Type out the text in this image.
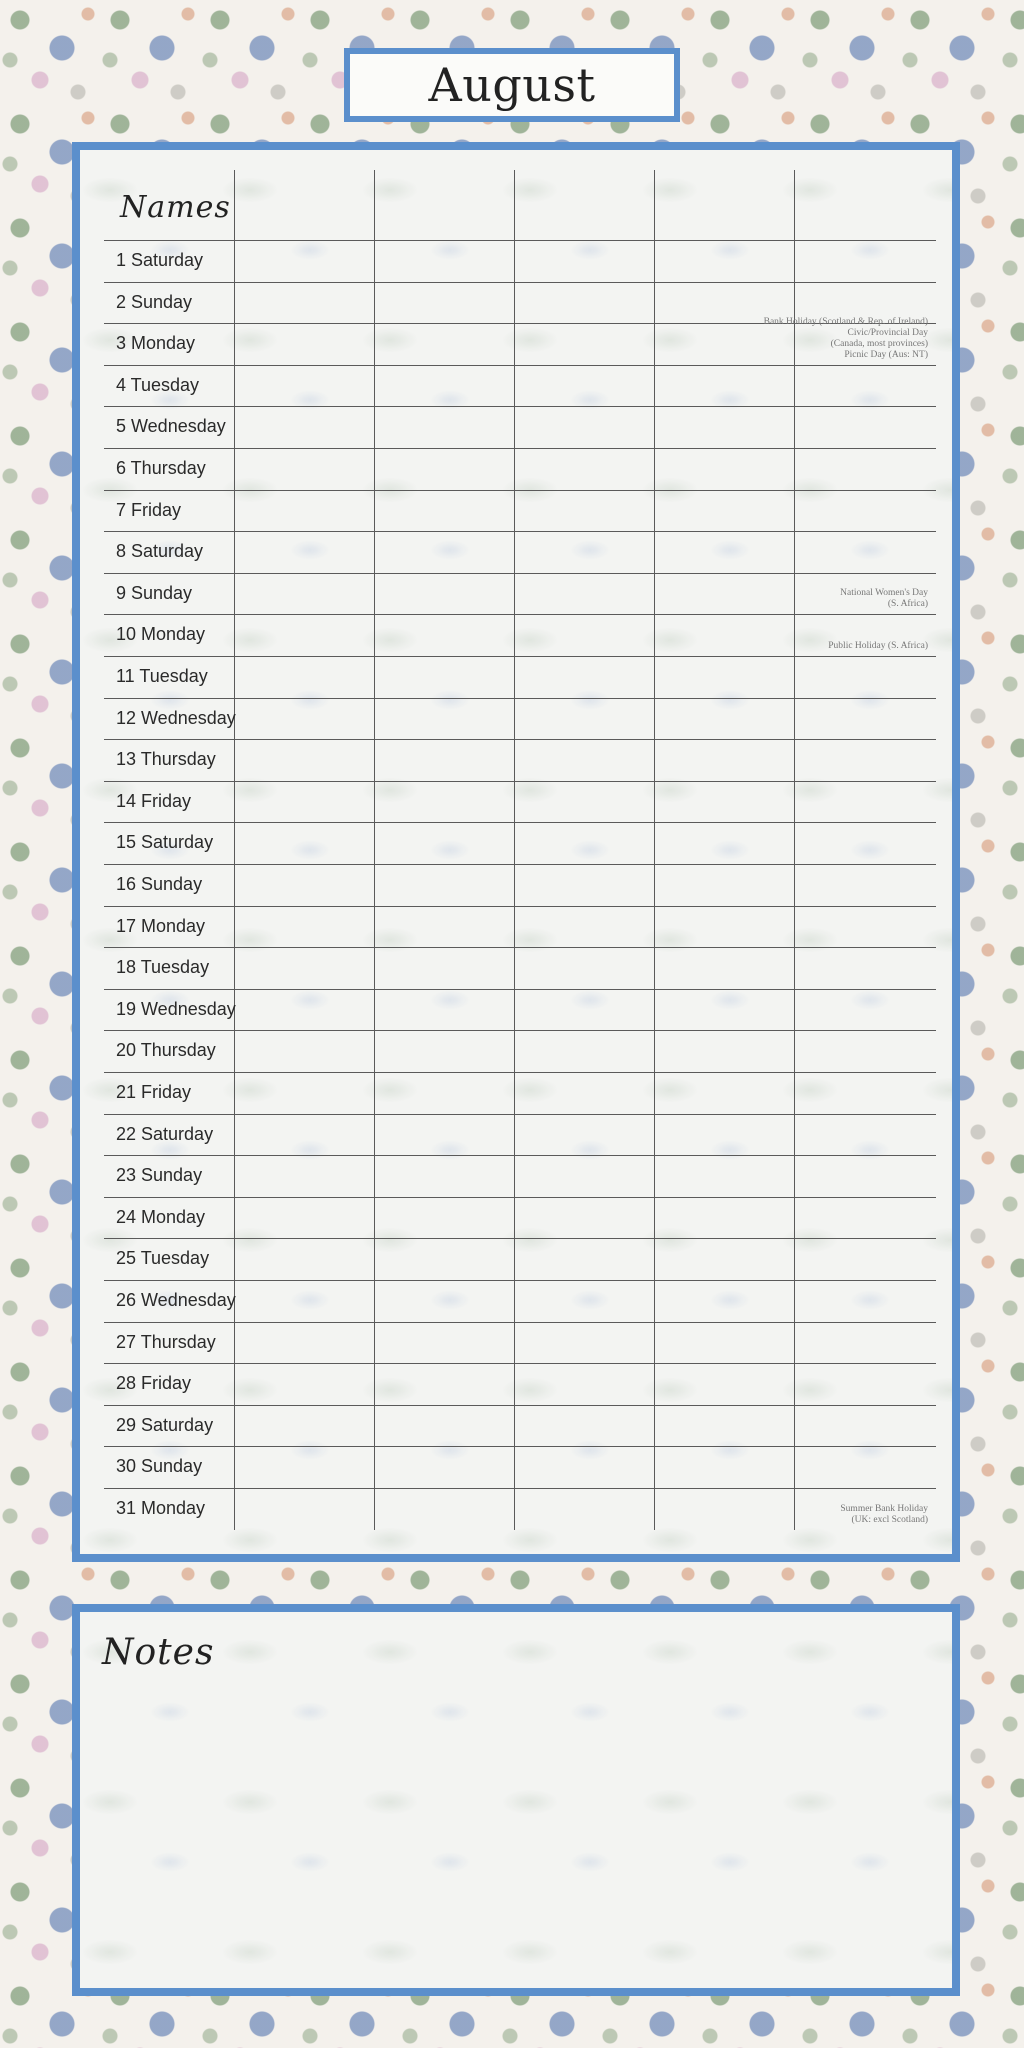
August
Names
1 Saturday
2 Sunday
3 Monday
Bank Holiday (Scotland & Rep. of Ireland)
Civic/Provincial Day
(Canada, most provinces)
Picnic Day (Aus: NT)
4 Tuesday
5 Wednesday
6 Thursday
7 Friday
8 Saturday
9 Sunday	National Women's Day
(S. Africa)
10 Monday
Public Holiday (S. Africa)
11 Tuesday
12 Wednesday
13 Thursday
14 Friday
15 Saturday
16 Sunday
17 Monday
18 Tuesday
19 Wednesday
20 Thursday
21 Friday
22 Saturday
23 Sunday
24 Monday
25 Tuesday
26 Wednesday
27 Thursday
28 Friday
29 Saturday
30 Sunday
31 Monday	Summer Bank Holiday
(UK: excl Scotland)
Notes
